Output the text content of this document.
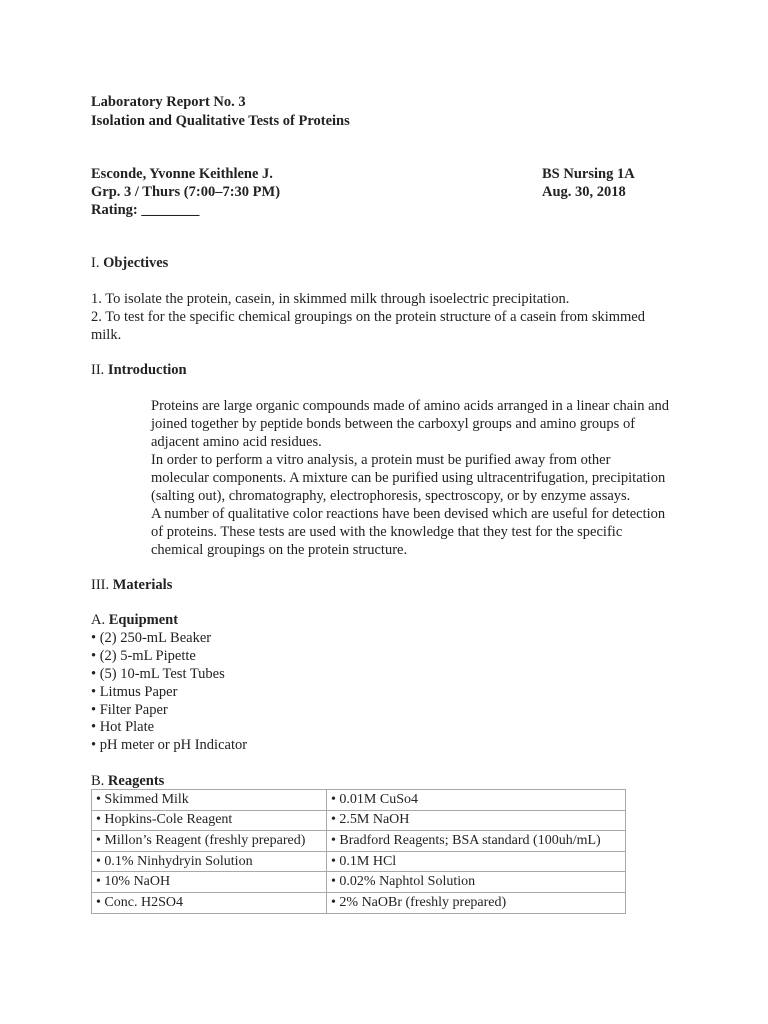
Laboratory Report No. 3
Isolation and Qualitative Tests of Proteins
Esconde, Yvonne Keithlene J.
Grp. 3 / Thurs (7:00–7:30 PM)
Rating: ________
BS Nursing 1A
Aug. 30, 2018
I. Objectives
1. To isolate the protein, casein, in skimmed milk through isoelectric precipitation.
2. To test for the specific chemical groupings on the protein structure of a casein from skimmed milk.
II. Introduction

Proteins are large organic compounds made of amino acids arranged in a linear chain and joined together by peptide bonds between the carboxyl groups and amino groups of adjacent amino acid residues.

In order to perform a vitro analysis, a protein must be purified away from other molecular components. A mixture can be purified using ultracentrifugation, precipitation (salting out), chromatography, electrophoresis, spectroscopy, or by enzyme assays.

A number of qualitative color reactions have been devised which are useful for detection of proteins. These tests are used with the knowledge that they test for the specific chemical groupings on the protein structure.

III. Materials
A. Equipment
• (2) 250-mL Beaker
• (2) 5-mL Pipette
• (5) 10-mL Test Tubes
• Litmus Paper
• Filter Paper
• Hot Plate
• pH meter or pH Indicator
B. Reagents
• Skimmed Milk	• 0.01M CuSo4
• Hopkins-Cole Reagent	• 2.5M NaOH
• Millon’s Reagent (freshly prepared)	• Bradford Reagents; BSA standard (100uh/mL)
• 0.1% Ninhydryin Solution	• 0.1M HCl
• 10% NaOH	• 0.02% Naphtol Solution
• Conc. H2SO4	• 2% NaOBr (freshly prepared)
